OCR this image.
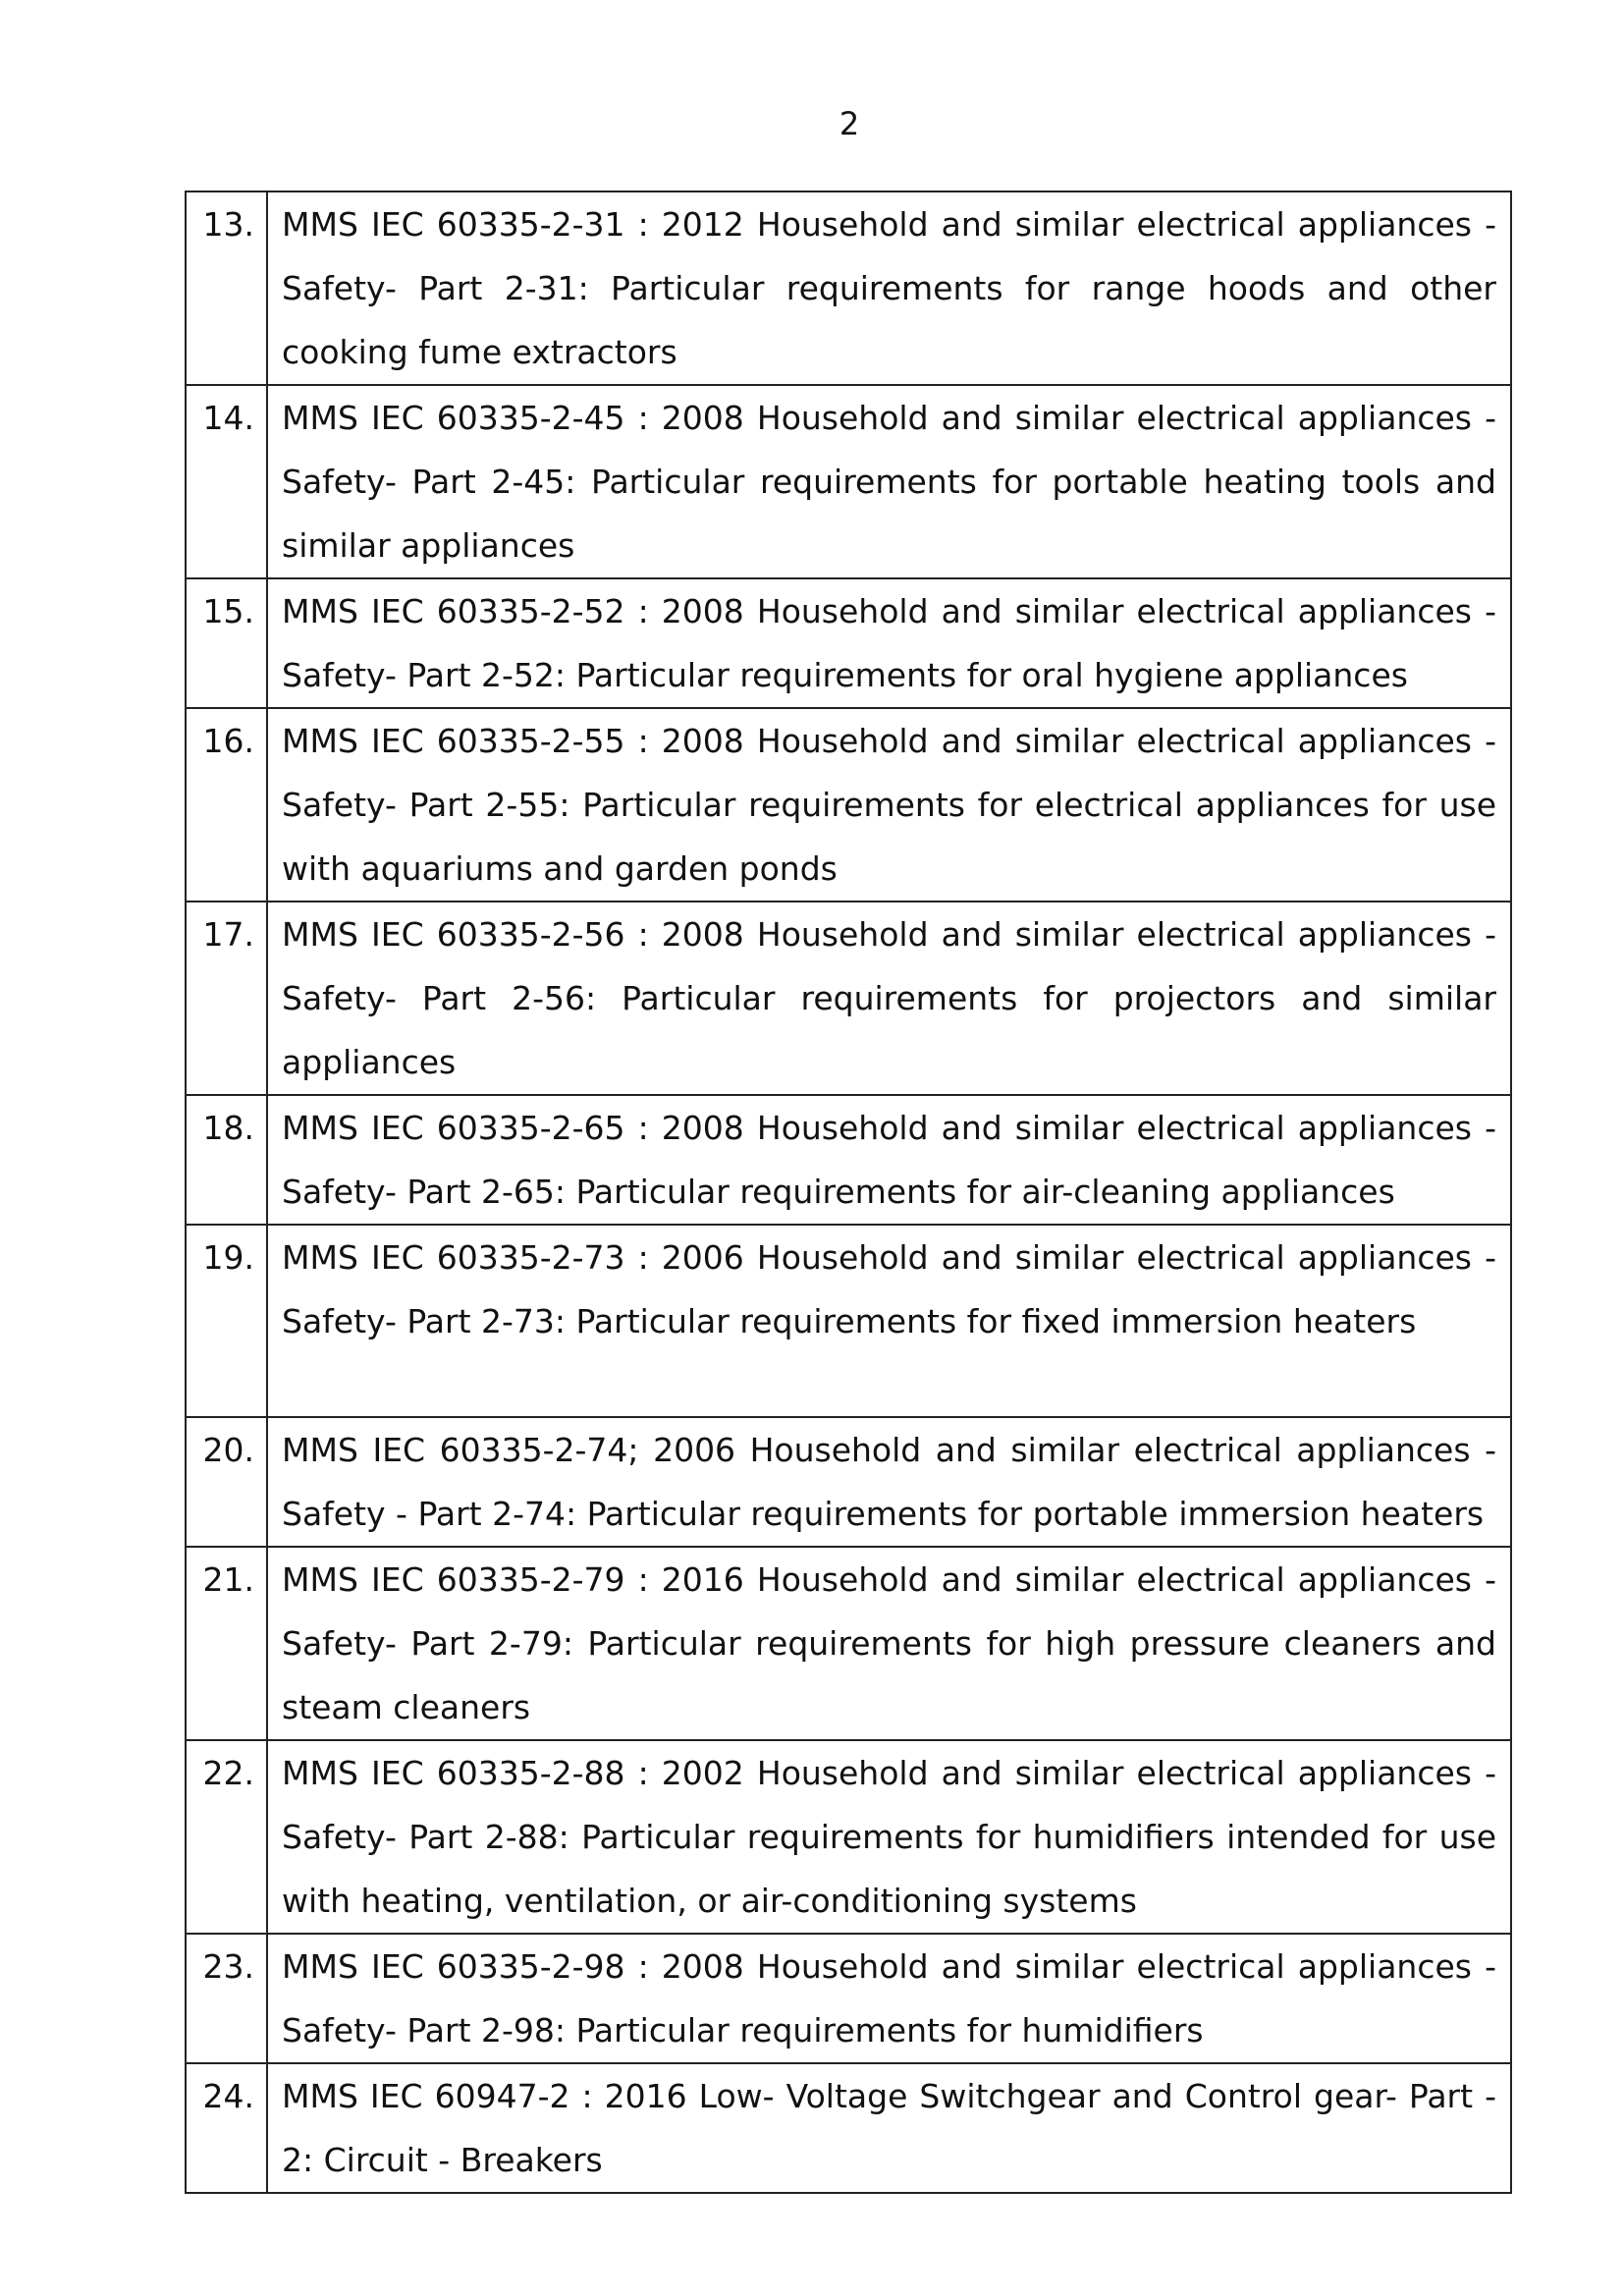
2
13.	MMS IEC 60335-2-31 : 2012 Household and similar electrical appliances - Safety- Part 2-31: Particular requirements for range hoods and other cooking fume extractors
14.	MMS IEC 60335-2-45 : 2008 Household and similar electrical appliances - Safety- Part 2-45: Particular requirements for portable heating tools and similar appliances
15.	MMS IEC 60335-2-52 : 2008 Household and similar electrical appliances - Safety- Part 2-52: Particular requirements for oral hygiene appliances
16.	MMS IEC 60335-2-55 : 2008 Household and similar electrical appliances - Safety- Part 2-55: Particular requirements for electrical appliances for use with aquariums and garden ponds
17.	MMS IEC 60335-2-56 : 2008 Household and similar electrical appliances - Safety- Part 2-56: Particular requirements for projectors and similar appliances
18.	MMS IEC 60335-2-65 : 2008 Household and similar electrical appliances - Safety- Part 2-65: Particular requirements for air-cleaning appliances
19.	MMS IEC 60335-2-73 : 2006 Household and similar electrical appliances - Safety- Part 2-73: Particular requirements for fixed immersion heaters
20.	MMS IEC 60335-2-74; 2006 Household and similar electrical appliances - Safety - Part 2-74: Particular requirements for portable immersion heaters
21.	MMS IEC 60335-2-79 : 2016 Household and similar electrical appliances - Safety- Part 2-79: Particular requirements for high pressure cleaners and steam cleaners
22.	MMS IEC 60335-2-88 : 2002 Household and similar electrical appliances - Safety- Part 2-88: Particular requirements for humidifiers intended for use with heating, ventilation, or air-conditioning systems
23.	MMS IEC 60335-2-98 : 2008 Household and similar electrical appliances - Safety- Part 2-98: Particular requirements for humidifiers
24.	MMS IEC 60947-2 : 2016 Low- Voltage Switchgear and Control gear- Part - 2: Circuit - Breakers
